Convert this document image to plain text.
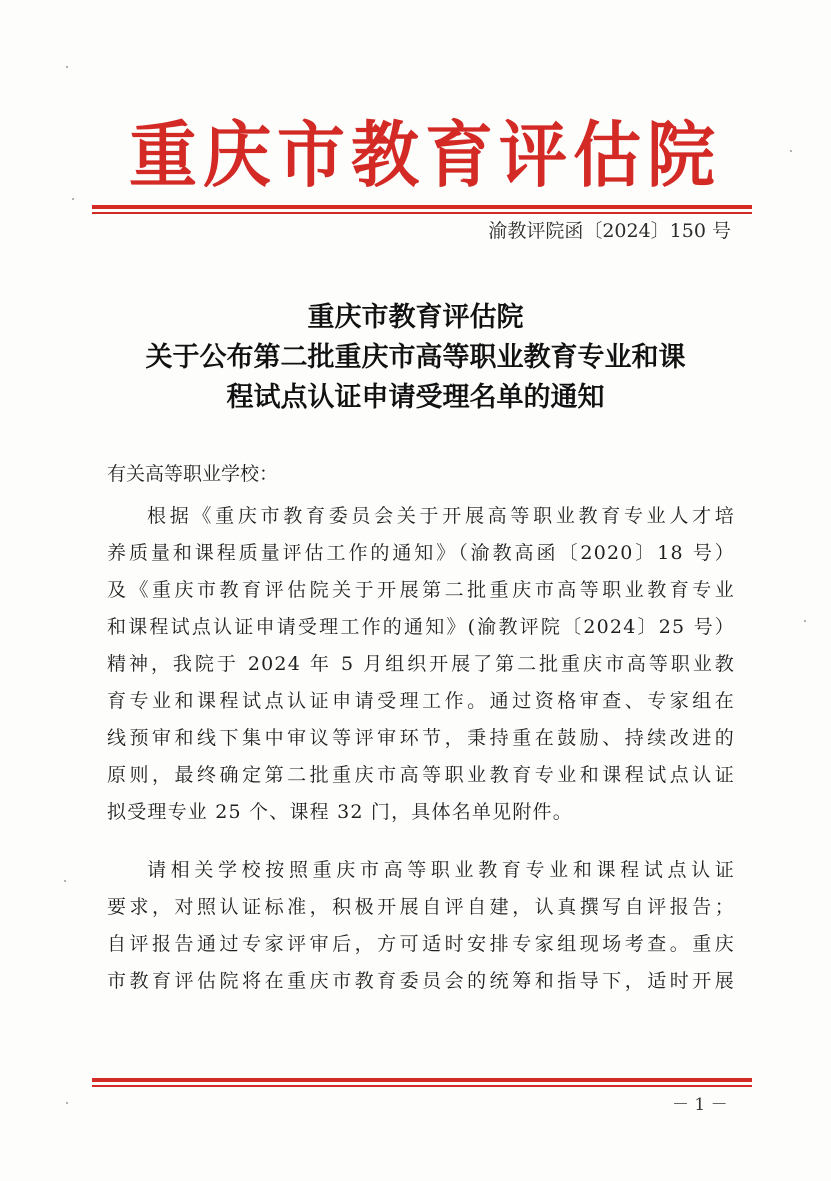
重庆市教育评估院
渝教评院函〔2024〕150 号
重庆市教育评估院
关于公布第二批重庆市高等职业教育专业和课
程试点认证申请受理名单的通知
有关高等职业学校：
根据《重庆市教育委员会关于开展高等职业教育专业人才培
养质量和课程质量评估工作的通知》（渝教高函〔2020〕18 号）
及《重庆市教育评估院关于开展第二批重庆市高等职业教育专业
和课程试点认证申请受理工作的通知》(渝教评院〔2024〕25 号）
精神，我院于 2024 年 5 月组织开展了第二批重庆市高等职业教
育专业和课程试点认证申请受理工作。通过资格审查、专家组在
线预审和线下集中审议等评审环节，秉持重在鼓励、持续改进的
原则，最终确定第二批重庆市高等职业教育专业和课程试点认证
拟受理专业 25 个、课程 32 门，具体名单见附件。
请相关学校按照重庆市高等职业教育专业和课程试点认证
要求，对照认证标准，积极开展自评自建，认真撰写自评报告；
自评报告通过专家评审后，方可适时安排专家组现场考查。重庆
市教育评估院将在重庆市教育委员会的统筹和指导下，适时开展
－ 1 －
